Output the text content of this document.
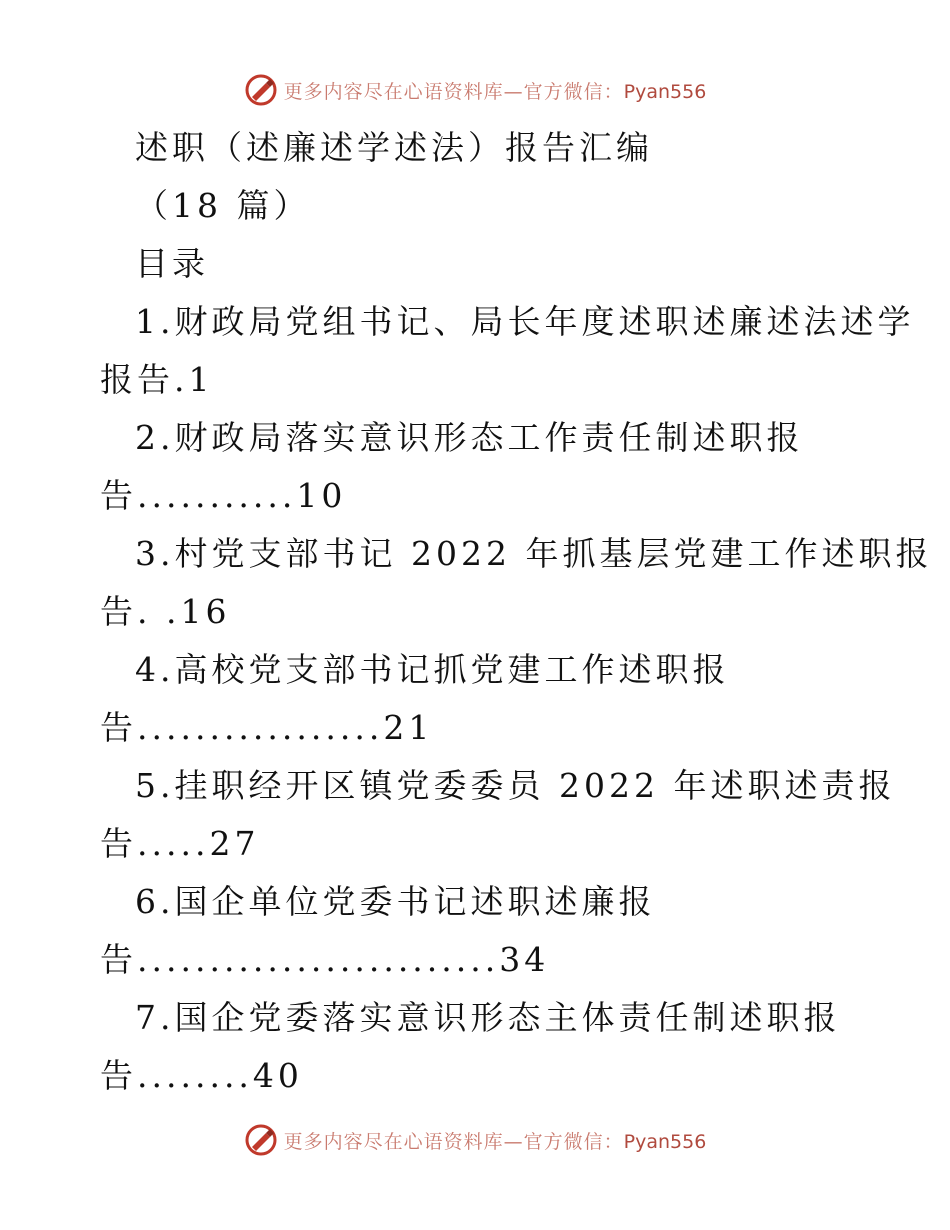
更多内容尽在心语资料库—官方微信：Pyan556
述职（述廉述学述法）报告汇编
（18 篇）
目录
1.财政局党组书记、局长年度述职述廉述法述学
报告.1
2.财政局落实意识形态工作责任制述职报
告...........10
3.村党支部书记 2022 年抓基层党建工作述职报
告. .16
4.高校党支部书记抓党建工作述职报
告.................21
5.挂职经开区镇党委委员 2022 年述职述责报
告.....27
6.国企单位党委书记述职述廉报
告.........................34
7.国企党委落实意识形态主体责任制述职报
告........40
更多内容尽在心语资料库—官方微信：Pyan556
